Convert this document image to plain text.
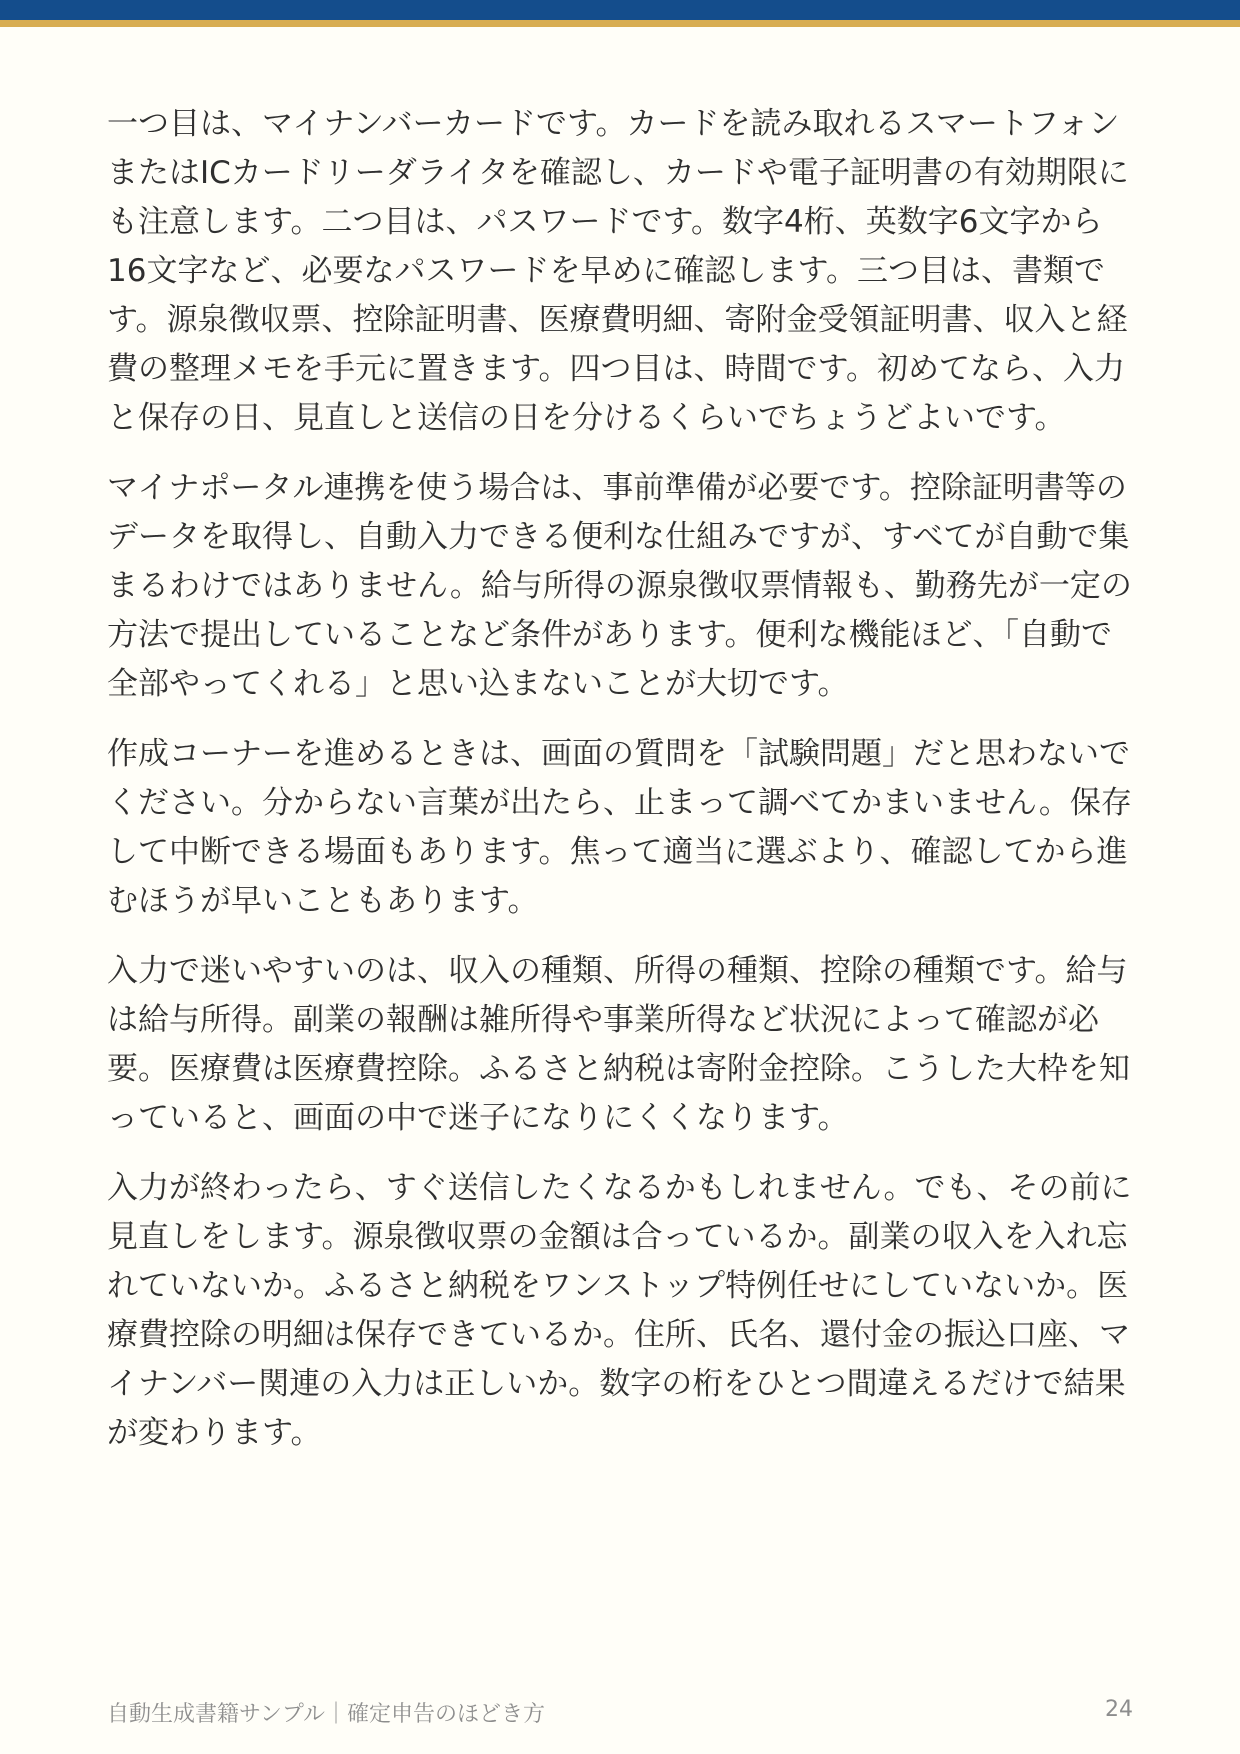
一つ目は、マイナンバーカードです。カードを読み取れるスマートフォンまたはICカードリーダライタを確認し、カードや電子証明書の有効期限にも注意します。二つ目は、パスワードです。数字4桁、英数字6文字から16文字など、必要なパスワードを早めに確認します。三つ目は、書類です。源泉徴収票、控除証明書、医療費明細、寄附金受領証明書、収入と経費の整理メモを手元に置きます。四つ目は、時間です。初めてなら、入力と保存の日、見直しと送信の日を分けるくらいでちょうどよいです。

マイナポータル連携を使う場合は、事前準備が必要です。控除証明書等のデータを取得し、自動入力できる便利な仕組みですが、すべてが自動で集まるわけではありません。給与所得の源泉徴収票情報も、勤務先が一定の方法で提出していることなど条件があります。便利な機能ほど、「自動で全部やってくれる」と思い込まないことが大切です。

作成コーナーを進めるときは、画面の質問を「試験問題」だと思わないでください。分からない言葉が出たら、止まって調べてかまいません。保存して中断できる場面もあります。焦って適当に選ぶより、確認してから進むほうが早いこともあります。

入力で迷いやすいのは、収入の種類、所得の種類、控除の種類です。給与は給与所得。副業の報酬は雑所得や事業所得など状況によって確認が必要。医療費は医療費控除。ふるさと納税は寄附金控除。こうした大枠を知っていると、画面の中で迷子になりにくくなります。

入力が終わったら、すぐ送信したくなるかもしれません。でも、その前に見直しをします。源泉徴収票の金額は合っているか。副業の収入を入れ忘れていないか。ふるさと納税をワンストップ特例任せにしていないか。医療費控除の明細は保存できているか。住所、氏名、還付金の振込口座、マイナンバー関連の入力は正しいか。数字の桁をひとつ間違えるだけで結果が変わります。

自動生成書籍サンプル｜確定申告のほどき方	24
